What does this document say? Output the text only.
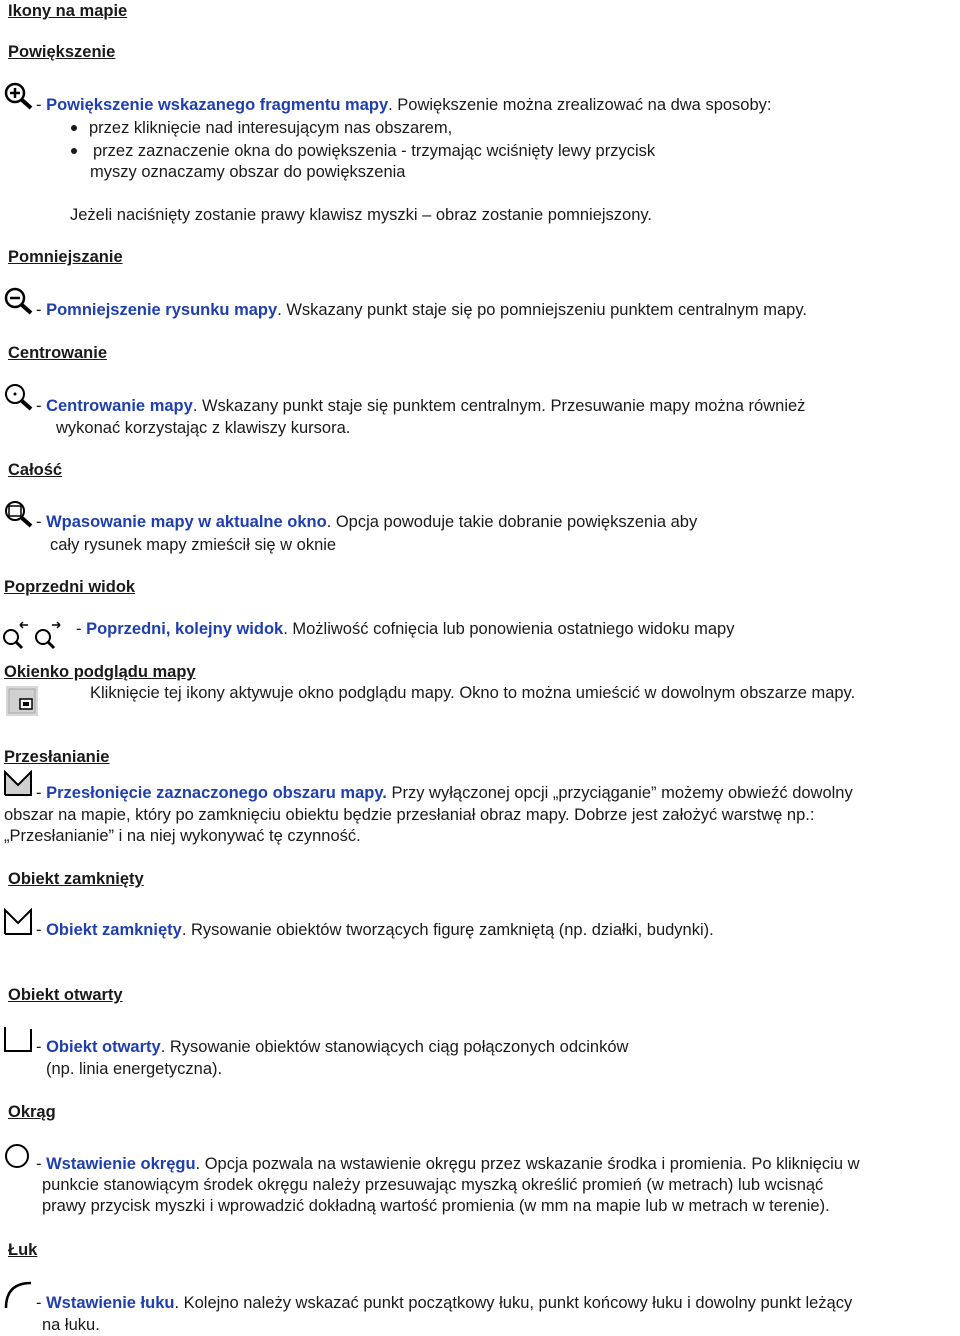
Ikony na mapie
Powiększenie
- Powiększenie wskazanego fragmentu mapy. Powiększenie można zrealizować na dwa sposoby:
przez kliknięcie nad interesującym nas obszarem,
przez zaznaczenie okna do powiększenia - trzymając wciśnięty lewy przycisk
myszy oznaczamy obszar do powiększenia
Jeżeli naciśnięty zostanie prawy klawisz myszki – obraz zostanie pomniejszony.
Pomniejszanie
- Pomniejszenie rysunku mapy. Wskazany punkt staje się po pomniejszeniu punktem centralnym mapy.
Centrowanie
- Centrowanie mapy. Wskazany punkt staje się punktem centralnym. Przesuwanie mapy można również
wykonać korzystając z klawiszy kursora.
Całość
- Wpasowanie mapy w aktualne okno. Opcja powoduje takie dobranie powiększenia aby
cały rysunek mapy zmieścił się w oknie
Poprzedni widok
- Poprzedni, kolejny widok. Możliwość cofnięcia lub ponowienia ostatniego widoku mapy
Okienko podglądu mapy
Kliknięcie tej ikony aktywuje okno podglądu mapy. Okno to można umieścić w dowolnym obszarze mapy.
Przesłanianie
- Przesłonięcie zaznaczonego obszaru mapy. Przy wyłączonej opcji „przyciąganie” możemy obwieźć dowolny
obszar na mapie, który po zamknięciu obiektu będzie przesłaniał obraz mapy. Dobrze jest założyć warstwę np.:
„Przesłanianie” i na niej wykonywać tę czynność.
Obiekt zamknięty
- Obiekt zamknięty. Rysowanie obiektów tworzących figurę zamkniętą (np. działki, budynki).
Obiekt otwarty
- Obiekt otwarty. Rysowanie obiektów stanowiących ciąg połączonych odcinków
(np. linia energetyczna).
Okrąg
- Wstawienie okręgu. Opcja pozwala na wstawienie okręgu przez wskazanie środka i promienia. Po kliknięciu w
punkcie stanowiącym środek okręgu należy przesuwając myszką określić promień (w metrach) lub wcisnąć
prawy przycisk myszki i wprowadzić dokładną wartość promienia (w mm na mapie lub w metrach w terenie).
Łuk
- Wstawienie łuku. Kolejno należy wskazać punkt początkowy łuku, punkt końcowy łuku i dowolny punkt leżący
na łuku.
